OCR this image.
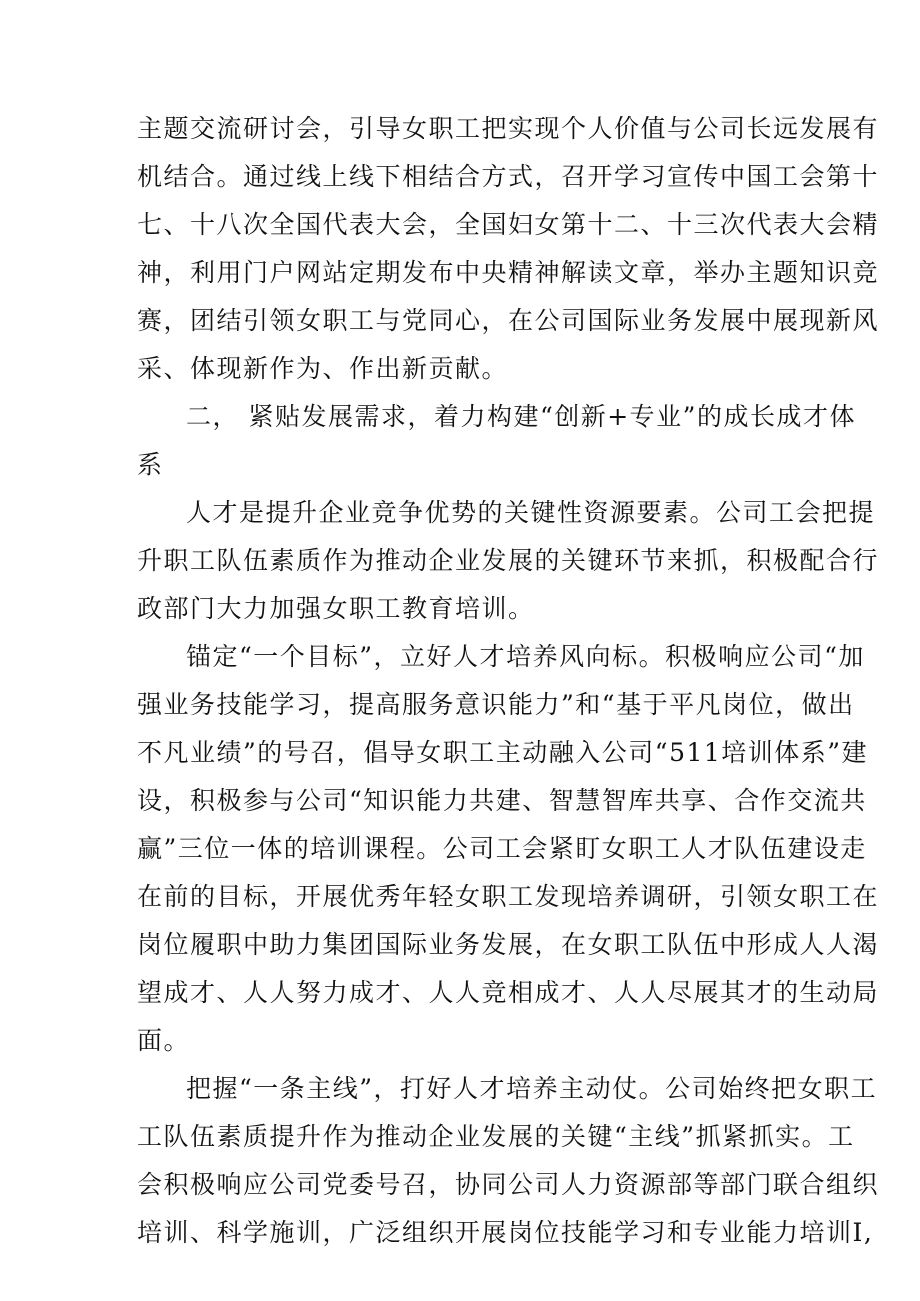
主题交流研讨会，引导女职工把实现个人价值与公司长远发展有
机结合。通过线上线下相结合方式，召开学习宣传中国工会第十
七、十八次全国代表大会，全国妇女第十二、十三次代表大会精
神，利用门户网站定期发布中央精神解读文章，举办主题知识竞
赛，团结引领女职工与党同心，在公司国际业务发展中展现新风
采、体现新作为、作出新贡献。
二， 紧贴发展需求，着力构建“创新+专业”的成长成才体
系
人才是提升企业竞争优势的关键性资源要素。公司工会把提
升职工队伍素质作为推动企业发展的关键环节来抓，积极配合行
政部门大力加强女职工教育培训。
锚定“一个目标”，立好人才培养风向标。积极响应公司“加
强业务技能学习，提高服务意识能力”和“基于平凡岗位，做出
不凡业绩”的号召，倡导女职工主动融入公司“511培训体系”建
设，积极参与公司“知识能力共建、智慧智库共享、合作交流共
赢”三位一体的培训课程。公司工会紧盯女职工人才队伍建设走
在前的目标，开展优秀年轻女职工发现培养调研，引领女职工在
岗位履职中助力集团国际业务发展，在女职工队伍中形成人人渴
望成才、人人努力成才、人人竞相成才、人人尽展其才的生动局
面。
把握“一条主线”，打好人才培养主动仗。公司始终把女职工
工队伍素质提升作为推动企业发展的关键“主线”抓紧抓实。工
会积极响应公司党委号召，协同公司人力资源部等部门联合组织
培训、科学施训，广泛组织开展岗位技能学习和专业能力培训I,
